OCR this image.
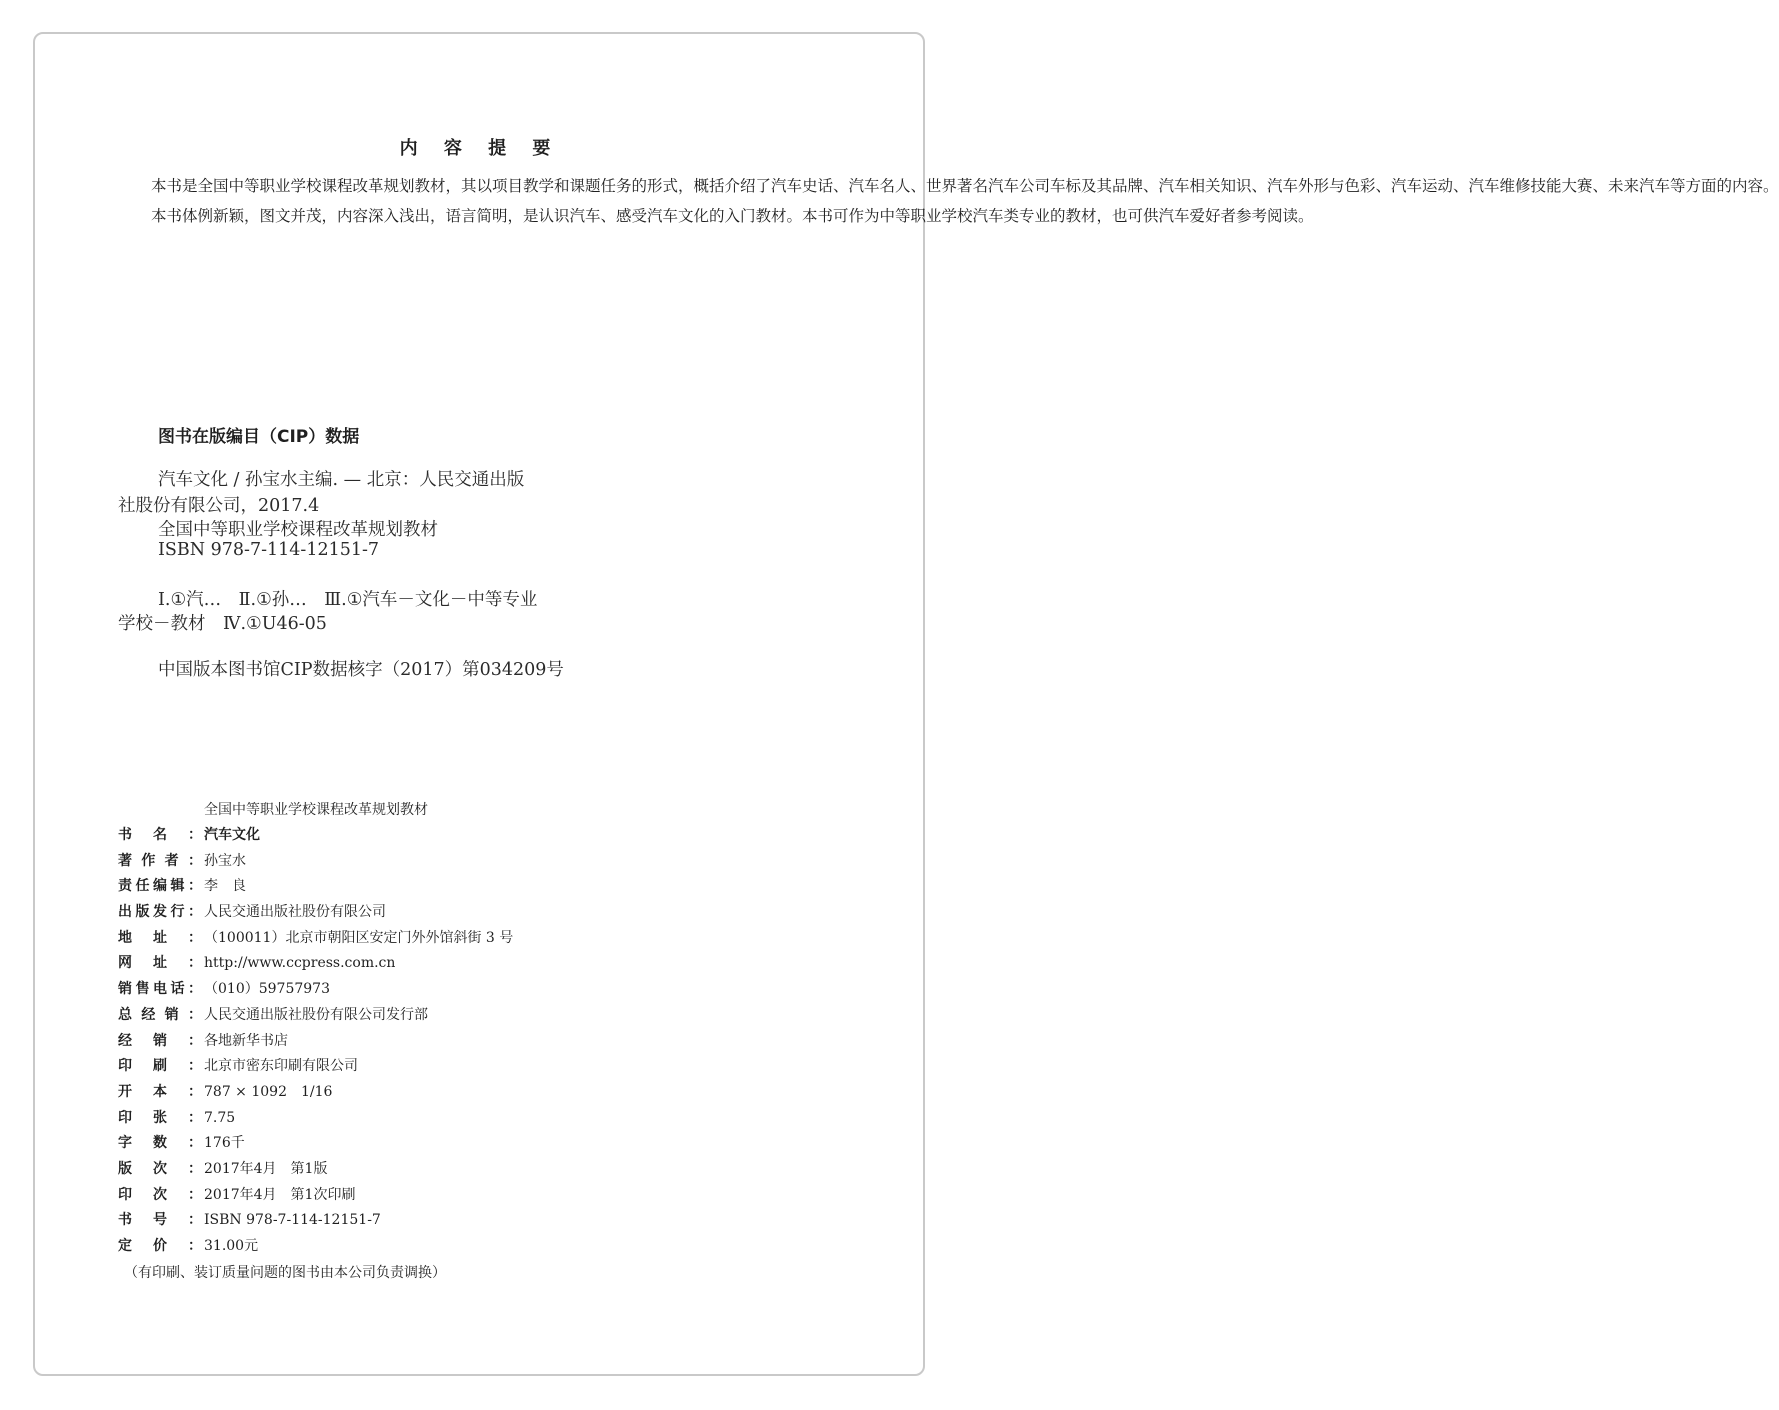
内 容 提 要

本书是全国中等职业学校课程改革规划教材，其以项目教学和课题任务的形式，概括介绍了汽车史话、汽车名人、世界著名汽车公司车标及其品牌、汽车相关知识、汽车外形与色彩、汽车运动、汽车维修技能大赛、未来汽车等方面的内容。

本书体例新颖，图文并茂，内容深入浅出，语言简明，是认识汽车、感受汽车文化的入门教材。本书可作为中等职业学校汽车类专业的教材，也可供汽车爱好者参考阅读。

图书在版编目（CIP）数据
汽车文化 / 孙宝水主编. — 北京：人民交通出版
社股份有限公司，2017.4
全国中等职业学校课程改革规划教材
ISBN 978-7-114-12151-7
Ⅰ.①汽…　Ⅱ.①孙…　Ⅲ.①汽车－文化－中等专业
学校－教材　Ⅳ.①U46-05
中国版本图书馆CIP数据核字（2017）第034209号
全国中等职业学校课程改革规划教材
书 名 ： 汽车文化
著 作 者 ： 孙宝水
责 任 编 辑 ： 李　良
出 版 发 行 ： 人民交通出版社股份有限公司
地 址 ： （100011）北京市朝阳区安定门外外馆斜街 3 号
网 址 ： http://www.ccpress.com.cn
销 售 电 话 ： （010）59757973
总 经 销 ： 人民交通出版社股份有限公司发行部
经 销 ： 各地新华书店
印 刷 ： 北京市密东印刷有限公司
开 本 ： 787 × 1092　1/16
印 张 ： 7.75
字 数 ： 176千
版 次 ： 2017年4月　第1版
印 次 ： 2017年4月　第1次印刷
书 号 ： ISBN 978-7-114-12151-7
定 价 ： 31.00元
（有印刷、装订质量问题的图书由本公司负责调换）
